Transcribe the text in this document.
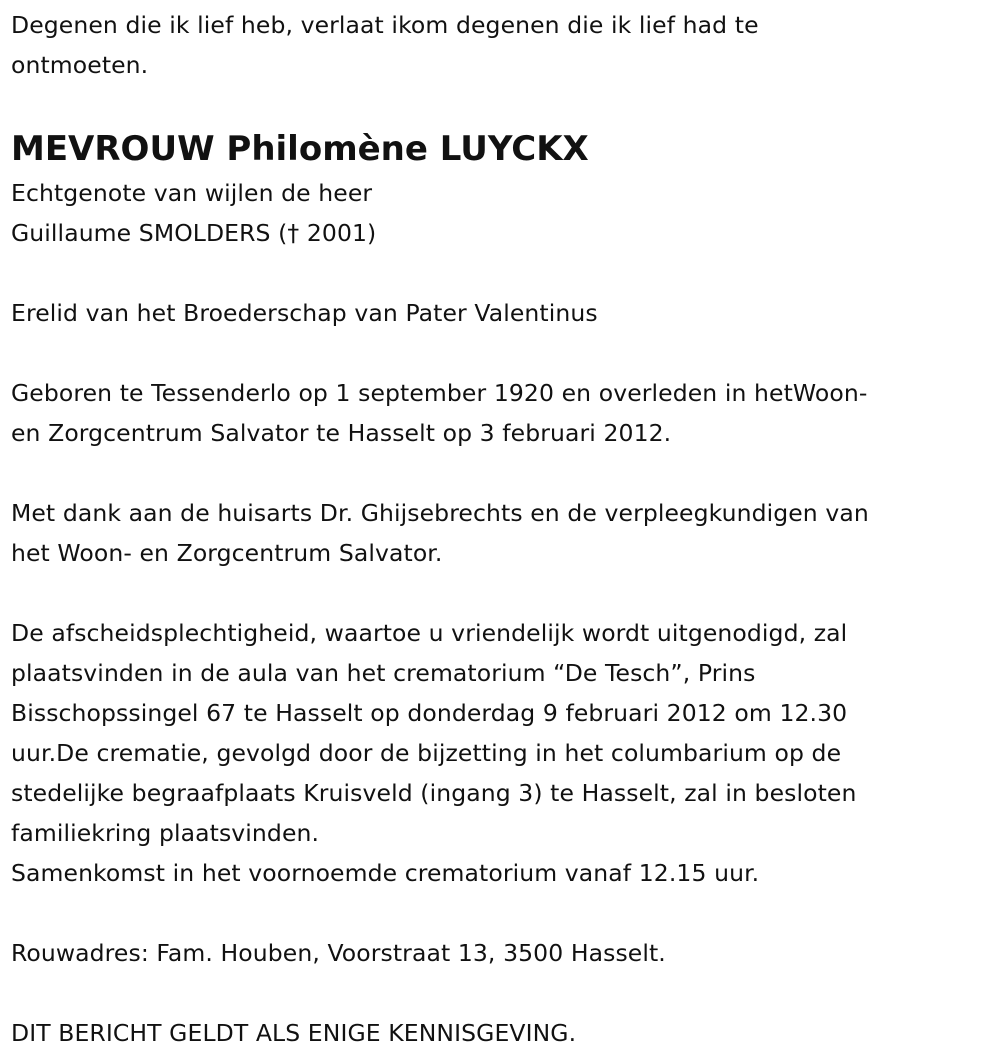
Degenen die ik lief heb, verlaat ikom degenen die ik lief had te
ontmoeten.
MEVROUW Philomène LUYCKX
Echtgenote van wijlen de heer
Guillaume SMOLDERS († 2001)
Erelid van het Broederschap van Pater Valentinus
Geboren te Tessenderlo op 1 september 1920 en overleden in hetWoon-
en Zorgcentrum Salvator te Hasselt op 3 februari 2012.
Met dank aan de huisarts Dr. Ghijsebrechts en de verpleegkundigen van
het Woon- en Zorgcentrum Salvator.
De afscheidsplechtigheid, waartoe u vriendelijk wordt uitgenodigd, zal
plaatsvinden in de aula van het crematorium “De Tesch”, Prins
Bisschopssingel 67 te Hasselt op donderdag 9 februari 2012 om 12.30
uur.De crematie, gevolgd door de bijzetting in het columbarium op de
stedelijke begraafplaats Kruisveld (ingang 3) te Hasselt, zal in besloten
familiekring plaatsvinden.
Samenkomst in het voornoemde crematorium vanaf 12.15 uur.
Rouwadres: Fam. Houben, Voorstraat 13, 3500 Hasselt.
DIT BERICHT GELDT ALS ENIGE KENNISGEVING.
